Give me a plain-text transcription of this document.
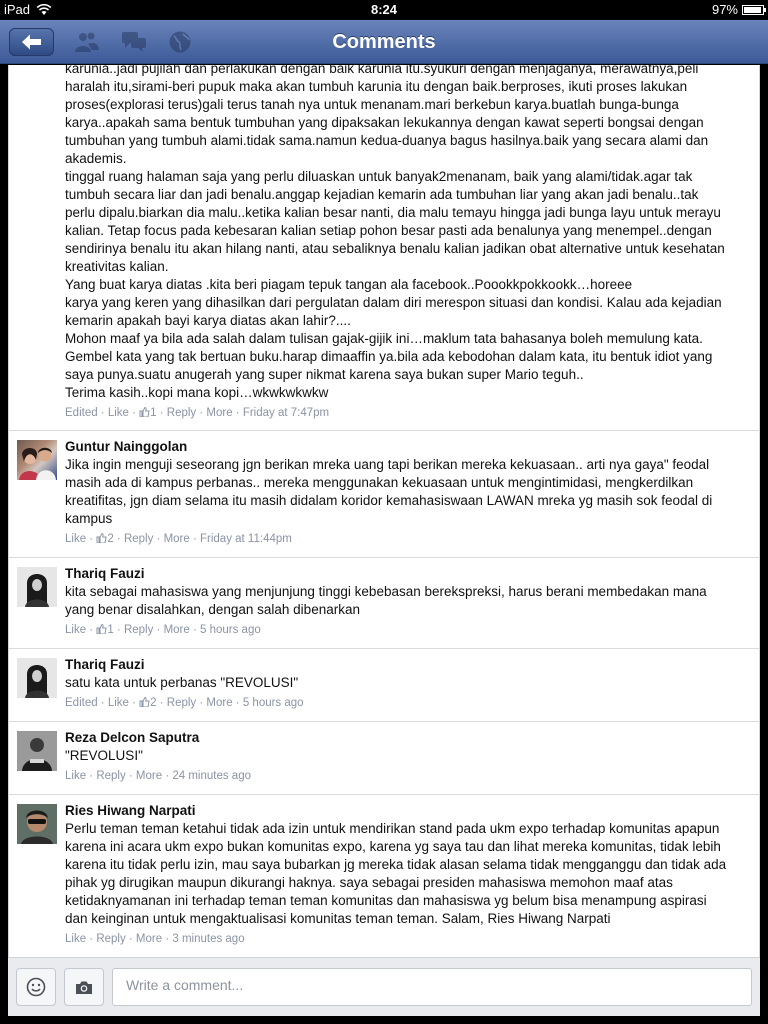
iPad	8:24	97%
Comments
karunia..jadi pujilah dan perlakukan dengan baik karunia itu.syukuri dengan menjaganya, merawatnya,peli
haralah itu,sirami-beri pupuk maka akan tumbuh karunia itu dengan baik.berproses, ikuti proses lakukan
proses(explorasi terus)gali terus tanah nya untuk menanam.mari berkebun karya.buatlah bunga-bunga
karya..apakah sama bentuk tumbuhan yang dipaksakan lekukannya dengan kawat seperti bongsai dengan
tumbuhan yang tumbuh alami.tidak sama.namun kedua-duanya bagus hasilnya.baik yang secara alami dan
akademis.
tinggal ruang halaman saja yang perlu diluaskan untuk banyak2menanam, baik yang alami/tidak.agar tak
tumbuh secara liar dan jadi benalu.anggap kejadian kemarin ada tumbuhan liar yang akan jadi benalu..tak
perlu dipalu.biarkan dia malu..ketika kalian besar nanti, dia malu temayu hingga jadi bunga layu untuk merayu
kalian. Tetap focus pada kebesaran kalian setiap pohon besar pasti ada benalunya yang menempel..dengan
sendirinya benalu itu akan hilang nanti, atau sebaliknya benalu kalian jadikan obat alternative untuk kesehatan
kreativitas kalian.
Yang buat karya diatas .kita beri piagam tepuk tangan ala facebook..Poookkpokkookk…horeee
karya yang keren yang dihasilkan dari pergulatan dalam diri merespon situasi dan kondisi. Kalau ada kejadian
kemarin apakah bayi karya diatas akan lahir?....
Mohon maaf ya bila ada salah dalam tulisan gajak-gijik ini…maklum tata bahasanya boleh memulung kata.
Gembel kata yang tak bertuan buku.harap dimaaffin ya.bila ada kebodohan dalam kata, itu bentuk idiot yang
saya punya.suatu anugerah yang super nikmat karena saya bukan super Mario teguh..
Terima kasih..kopi mana kopi…wkwkwkwkw
Edited · Like · 1 · Reply · More · Friday at 7:47pm
Guntur Nainggolan
Jika ingin menguji seseorang jgn berikan mreka uang tapi berikan mereka kekuasaan.. arti nya gaya" feodal
masih ada di kampus perbanas.. mereka menggunakan kekuasaan untuk mengintimidasi, mengkerdilkan
kreatifitas, jgn diam selama itu masih didalam koridor kemahasiswaan LAWAN mreka yg masih sok feodal di
kampus
Like · 2 · Reply · More · Friday at 11:44pm
Thariq Fauzi
kita sebagai mahasiswa yang menjunjung tinggi kebebasan berekspreksi, harus berani membedakan mana
yang benar disalahkan, dengan salah dibenarkan
Like · 1 · Reply · More · 5 hours ago
Thariq Fauzi
satu kata untuk perbanas "REVOLUSI"
Edited · Like · 2 · Reply · More · 5 hours ago
Reza Delcon Saputra
"REVOLUSI"
Like · Reply · More · 24 minutes ago
Ries Hiwang Narpati
Perlu teman teman ketahui tidak ada izin untuk mendirikan stand pada ukm expo terhadap komunitas apapun
karena ini acara ukm expo bukan komunitas expo, karena yg saya tau dan lihat mereka komunitas, tidak lebih
karena itu tidak perlu izin, mau saya bubarkan jg mereka tidak alasan selama tidak mengganggu dan tidak ada
pihak yg dirugikan maupun dikurangi haknya. saya sebagai presiden mahasiswa memohon maaf atas
ketidaknyamanan ini terhadap teman teman komunitas dan mahasiswa yg belum bisa menampung aspirasi
dan keinginan untuk mengaktualisasi komunitas teman teman. Salam, Ries Hiwang Narpati
Like · Reply · More · 3 minutes ago
Write a comment...
